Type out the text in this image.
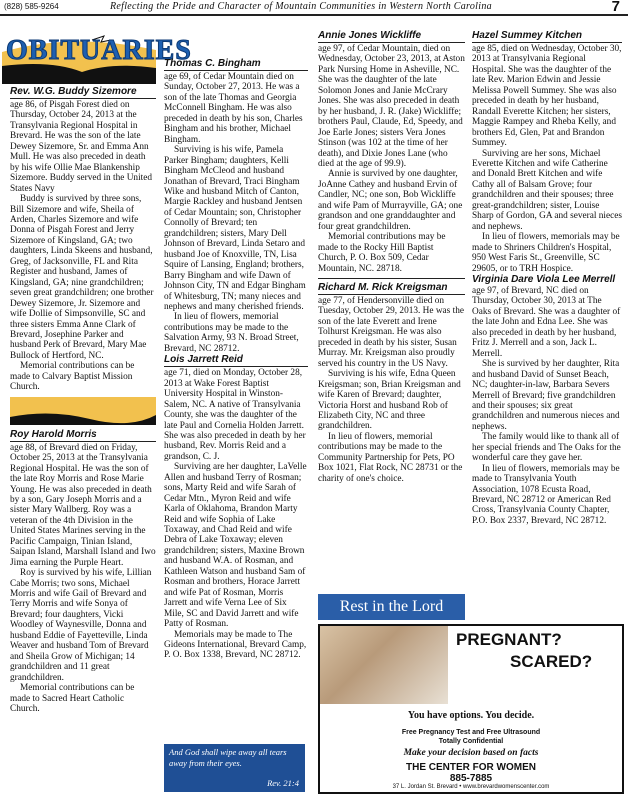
(828) 585-9264	Reflecting the Pride and Character of Mountain Communities in Western North Carolina	7
OBITUARIES
Rev. W.G. Buddy Sizemore

age 86, of Pisgah Forest died on Thursday, October 24, 2013 at the Transylvania Regional Hospital in Brevard. He was the son of the late Dewey Sizemore, Sr. and Emma Ann Mull. He was also preceded in death by his wife Ollie Mae Blankenship Sizemore. Buddy served in the United States Navy

Buddy is survived by three sons, Bill Sizemore and wife, Sheila of Arden, Charles Sizemore and wife Donna of Pisgah Forest and Jerry Sizemore of Kingsland, GA; two daughters, Linda Skeens and husband, Greg, of Jacksonville, FL and Rita Register and husband, James of Kingsland, GA; nine grandchildren; seven great grandchildren; one brother Dewey Sizemore, Jr. Sizemore and wife Dollie of Simpsonville, SC and three sisters Emma Anne Clark of Brevard, Josephine Parker and husband Perk of Brevard, Mary Mae Bullock of Hertford, NC.

Memorial contributions can be made to Calvary Baptist Mission Church.

Roy Harold Morris

age 88, of Brevard died on Friday, October 25, 2013 at the Transylvania Regional Hospital. He was the son of the late Roy Morris and Rose Marie Young. He was also preceded in death by a son, Gary Joseph Morris and a sister Mary Wallberg. Roy was a veteran of the 4th Division in the United States Marines serving in the Pacific Campaign, Tinian Island, Saipan Island, Marshall Island and Iwo Jima earning the Purple Heart.

Roy is survived by his wife, Lillian Cabe Morris; two sons, Michael Morris and wife Gail of Brevard and Terry Morris and wife Sonya of Brevard; four daughters, Vicki Woodley of Waynesville, Donna and husband Eddie of Fayetteville, Linda Weaver and husband Tom of Brevard and Sheila Grow of Michigan; 14 grandchildren and 11 great grandchildren.

Memorial contributions can be made to Sacred Heart Catholic Church.

Thomas C. Bingham

age 69, of Cedar Mountain died on Sunday, October 27, 2013. He was a son of the late Thomas and Georgia McConnell Bingham. He was also preceded in death by his son, Charles Bingham and his brother, Michael Bingham.

Surviving is his wife, Pamela Parker Bingham; daughters, Kelli Bingham McCleod and husband Jonathan of Brevard, Traci Bingham Wike and husband Mitch of Canton, Margie Rackley and husband Jentsen of Cedar Mountain; son, Christopher Connolly of Brevard; ten grandchildren; sisters, Mary Dell Johnson of Brevard, Linda Setaro and husband Joe of Knoxville, TN, Lisa Squire of Lansing, England; brothers, Barry Bingham and wife Dawn of Johnson City, TN and Edgar Bingham of Whitesburg, TN; many nieces and nephews and many cherished friends.

In lieu of flowers, memorial contributions may be made to the Salvation Army, 93 N. Broad Street, Brevard, NC 28712.

Lois Jarrett Reid

age 71, died on Monday, October 28, 2013 at Wake Forest Baptist University Hospital in Winston-Salem, NC. A native of Transylvania County, she was the daughter of the late Paul and Cornelia Holden Jarrett. She was also preceded in death by her husband, Rev. Morris Reid and a grandson, C. J.

Surviving are her daughter, LaVelle Allen and husband Terry of Rosman; sons, Marty Reid and wife Sarah of Cedar Mtn., Myron Reid and wife Karla of Oklahoma, Brandon Marty Reid and wife Sophia of Lake Toxaway, and Chad Reid and wife Debra of Lake Toxaway; eleven grandchildren; sisters, Maxine Brown and husband W.A. of Rosman, and Kathleen Watson and husband Sam of Rosman and brothers, Horace Jarrett and wife Pat of Rosman, Morris Jarrett and wife Verna Lee of Six Mile, SC and David Jarrett and wife Patty of Rosman.

Memorials may be made to The Gideons International, Brevard Camp, P. O. Box 1338, Brevard, NC 28712.

And God shall wipe away all tears away from their eyes.
Rev. 21:4
Annie Jones Wickliffe

age 97, of Cedar Mountain, died on Wednesday, October 23, 2013, at Aston Park Nursing Home in Asheville, NC. She was the daughter of the late Solomon Jones and Janie McCrary Jones. She was also preceded in death by her husband, J. R. (Jake) Wickliffe; brothers Paul, Claude, Ed, Speedy, and Joe Earle Jones; sisters Vera Jones Stinson (was 102 at the time of her death), and Dixie Jones Lane (who died at the age of 99.9).

Annie is survived by one daughter, JoAnne Cathey and husband Ervin of Candler, NC; one son, Bob Wickliffe and wife Pam of Murrayville, GA; one grandson and one granddaughter and four great grandchildren.

Memorial contributions may be made to the Rocky Hill Baptist Church, P. O. Box 509, Cedar Mountain, NC. 28718.

Richard M. Rick Kreigsman

age 77, of Hendersonville died on Tuesday, October 29, 2013. He was the son of the late Everett and Irene Tolhurst Kreigsman. He was also preceded in death by his sister, Susan Murray. Mr. Kreigsman also proudly served his country in the US Navy.

Surviving is his wife, Edna Queen Kreigsman; son, Brian Kreigsman and wife Karen of Brevard; daughter, Victoria Horst and husband Rob of Elizabeth City, NC and three grandchildren.

In lieu of flowers, memorial contributions may be made to the Community Partnership for Pets, PO Box 1021, Flat Rock, NC 28731 or the charity of one's choice.

Rest in the Lord
Hazel Summey Kitchen

age 85, died on Wednesday, October 30, 2013 at Transylvania Regional Hospital. She was the daughter of the late Rev. Marion Edwin and Jessie Melissa Powell Summey. She was also preceded in death by her husband, Randall Everette Kitchen; her sisters, Maggie Rampey and Rheba Kelly, and brothers Ed, Glen, Pat and Brandon Summey.

Surviving are her sons, Michael Everette Kitchen and wife Catherine and Donald Brett Kitchen and wife Cathy all of Balsam Grove; four grandchildren and their spouses; three great-grandchildren; sister, Louise Sharp of Gordon, GA and several nieces and nephews.

In lieu of flowers, memorials may be made to Shriners Children's Hospital, 950 West Faris St., Greenville, SC 29605, or to TRH Hospice.

Virginia Dare Viola Lee Merrell

age 97, of Brevard, NC died on Thursday, October 30, 2013 at The Oaks of Brevard. She was a daughter of the late John and Edna Lee. She was also preceded in death by her husband, Fritz J. Merrell and a son, Jack L. Merrell.

She is survived by her daughter, Rita and husband David of Sunset Beach, NC; daughter-in-law, Barbara Severs Merrell of Brevard; five grandchildren and their spouses; six great grandchildren and numerous nieces and nephews.

The family would like to thank all of her special friends and The Oaks for the wonderful care they gave her.

In lieu of flowers, memorials may be made to Transylvania Youth Association, 1078 Ecusta Road, Brevard, NC 28712 or American Red Cross, Transylvania County Chapter, P.O. Box 2337, Brevard, NC 28712.

PREGNANT?
SCARED?
You have options. You decide.
Free Pregnancy Test and Free Ultrasound
Totally Confidential
Make your decision based on facts
THE CENTER FOR WOMEN
885-7885
37 L. Jordan St. Brevard • www.brevardwomenscenter.com
